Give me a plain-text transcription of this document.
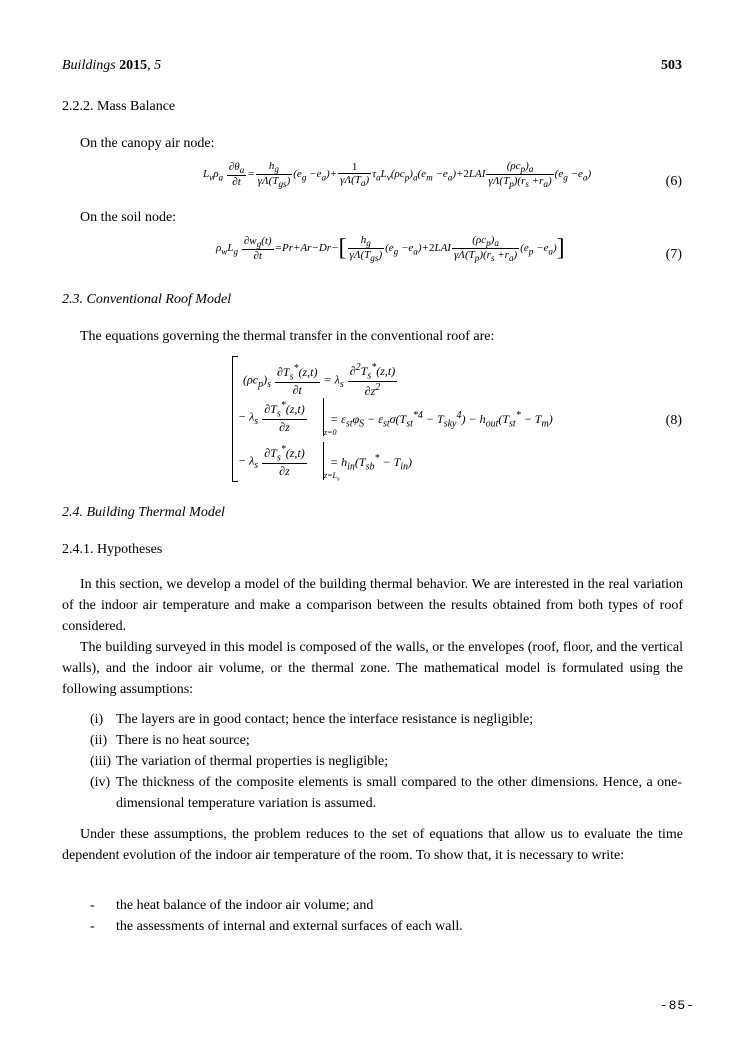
Buildings 2015, 5	503
2.2.2. Mass Balance
On the canopy air node:
$L_v\rho_a \frac{\partial\theta_a}{\partial t} = \frac{h_g}{\gamma\Lambda(T_{gs})} (e_g -e_a)+ \frac{1}{\gamma\Lambda(T_a)} \tau_aL_v(\rho c_p)_a(e_m -e_a)+2LAI \frac{(\rho c_p)_a}{\gamma\Lambda(T_p)(r_s +r_a)} (e_g -e_a)$	(6)
On the soil node:
$\rho_wL_g \frac{\partial w_g(t)}{\partial t} =Pr+Ar-Dr-[ \frac{h_g}{\gamma\Lambda(T_{gs})} (e_g -e_a)+2LAI \frac{(\rho c_p)_a}{\gamma\Lambda(T_p)(r_s +r_a)} (e_p -e_a)]$	(7)
2.3. Conventional Roof Model
The equations governing the thermal transfer in the conventional roof are:
$(\rho c_p)_s \frac{\partial T_s^*(z,t)}{\partial t} = \lambda_s \frac{\partial^2T_s^*(z,t)}{\partial z^2}$
− $\lambda_s \frac{\partial T_s^*(z,t)}{\partial z} z=0$
= $\varepsilon_{st}\varphi_S - \varepsilon_{st}\sigma(T_{st}^{*4} - T_{sky}^4) - h_{out}(T_{st}^* - T_m)$	(8)
− $\lambda_s \frac{\partial T_s^*(z,t)}{\partial z} z=L_s$
= $h_{in}(T_{sb}^* - T_{in})$
2.4. Building Thermal Model
2.4.1. Hypotheses
In this section, we develop a model of the building thermal behavior. We are interested in the real variation of the indoor air temperature and make a comparison between the results obtained from both types of roof considered.
The building surveyed in this model is composed of the walls, or the envelopes (roof, floor, and the vertical walls), and the indoor air volume, or the thermal zone. The mathematical model is formulated using the following assumptions:
(i) The layers are in good contact; hence the interface resistance is negligible;
(ii) There is no heat source;
(iii) The variation of thermal properties is negligible;
(iv) The thickness of the composite elements is small compared to the other dimensions. Hence, a one-dimensional temperature variation is assumed.
Under these assumptions, the problem reduces to the set of equations that allow us to evaluate the time dependent evolution of the indoor air temperature of the room. To show that, it is necessary to write:
- the heat balance of the indoor air volume; and
- the assessments of internal and external surfaces of each wall.
-85-
